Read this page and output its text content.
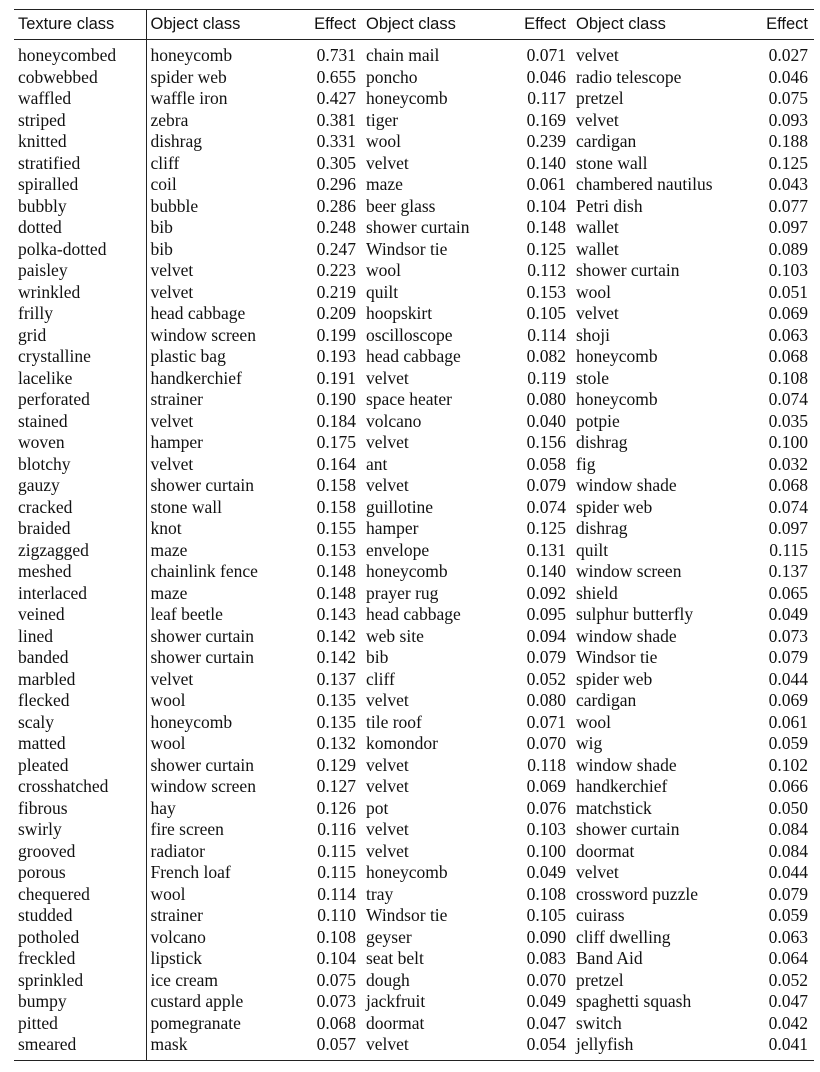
Texture class	Object class	Effect	Object class	Effect	Object class	Effect
honeycombed	honeycomb	0.731	chain mail	0.071	velvet	0.027
cobwebbed	spider web	0.655	poncho	0.046	radio telescope	0.046
waffled	waffle iron	0.427	honeycomb	0.117	pretzel	0.075
striped	zebra	0.381	tiger	0.169	velvet	0.093
knitted	dishrag	0.331	wool	0.239	cardigan	0.188
stratified	cliff	0.305	velvet	0.140	stone wall	0.125
spiralled	coil	0.296	maze	0.061	chambered nautilus	0.043
bubbly	bubble	0.286	beer glass	0.104	Petri dish	0.077
dotted	bib	0.248	shower curtain	0.148	wallet	0.097
polka-dotted	bib	0.247	Windsor tie	0.125	wallet	0.089
paisley	velvet	0.223	wool	0.112	shower curtain	0.103
wrinkled	velvet	0.219	quilt	0.153	wool	0.051
frilly	head cabbage	0.209	hoopskirt	0.105	velvet	0.069
grid	window screen	0.199	oscilloscope	0.114	shoji	0.063
crystalline	plastic bag	0.193	head cabbage	0.082	honeycomb	0.068
lacelike	handkerchief	0.191	velvet	0.119	stole	0.108
perforated	strainer	0.190	space heater	0.080	honeycomb	0.074
stained	velvet	0.184	volcano	0.040	potpie	0.035
woven	hamper	0.175	velvet	0.156	dishrag	0.100
blotchy	velvet	0.164	ant	0.058	fig	0.032
gauzy	shower curtain	0.158	velvet	0.079	window shade	0.068
cracked	stone wall	0.158	guillotine	0.074	spider web	0.074
braided	knot	0.155	hamper	0.125	dishrag	0.097
zigzagged	maze	0.153	envelope	0.131	quilt	0.115
meshed	chainlink fence	0.148	honeycomb	0.140	window screen	0.137
interlaced	maze	0.148	prayer rug	0.092	shield	0.065
veined	leaf beetle	0.143	head cabbage	0.095	sulphur butterfly	0.049
lined	shower curtain	0.142	web site	0.094	window shade	0.073
banded	shower curtain	0.142	bib	0.079	Windsor tie	0.079
marbled	velvet	0.137	cliff	0.052	spider web	0.044
flecked	wool	0.135	velvet	0.080	cardigan	0.069
scaly	honeycomb	0.135	tile roof	0.071	wool	0.061
matted	wool	0.132	komondor	0.070	wig	0.059
pleated	shower curtain	0.129	velvet	0.118	window shade	0.102
crosshatched	window screen	0.127	velvet	0.069	handkerchief	0.066
fibrous	hay	0.126	pot	0.076	matchstick	0.050
swirly	fire screen	0.116	velvet	0.103	shower curtain	0.084
grooved	radiator	0.115	velvet	0.100	doormat	0.084
porous	French loaf	0.115	honeycomb	0.049	velvet	0.044
chequered	wool	0.114	tray	0.108	crossword puzzle	0.079
studded	strainer	0.110	Windsor tie	0.105	cuirass	0.059
potholed	volcano	0.108	geyser	0.090	cliff dwelling	0.063
freckled	lipstick	0.104	seat belt	0.083	Band Aid	0.064
sprinkled	ice cream	0.075	dough	0.070	pretzel	0.052
bumpy	custard apple	0.073	jackfruit	0.049	spaghetti squash	0.047
pitted	pomegranate	0.068	doormat	0.047	switch	0.042
smeared	mask	0.057	velvet	0.054	jellyfish	0.041
